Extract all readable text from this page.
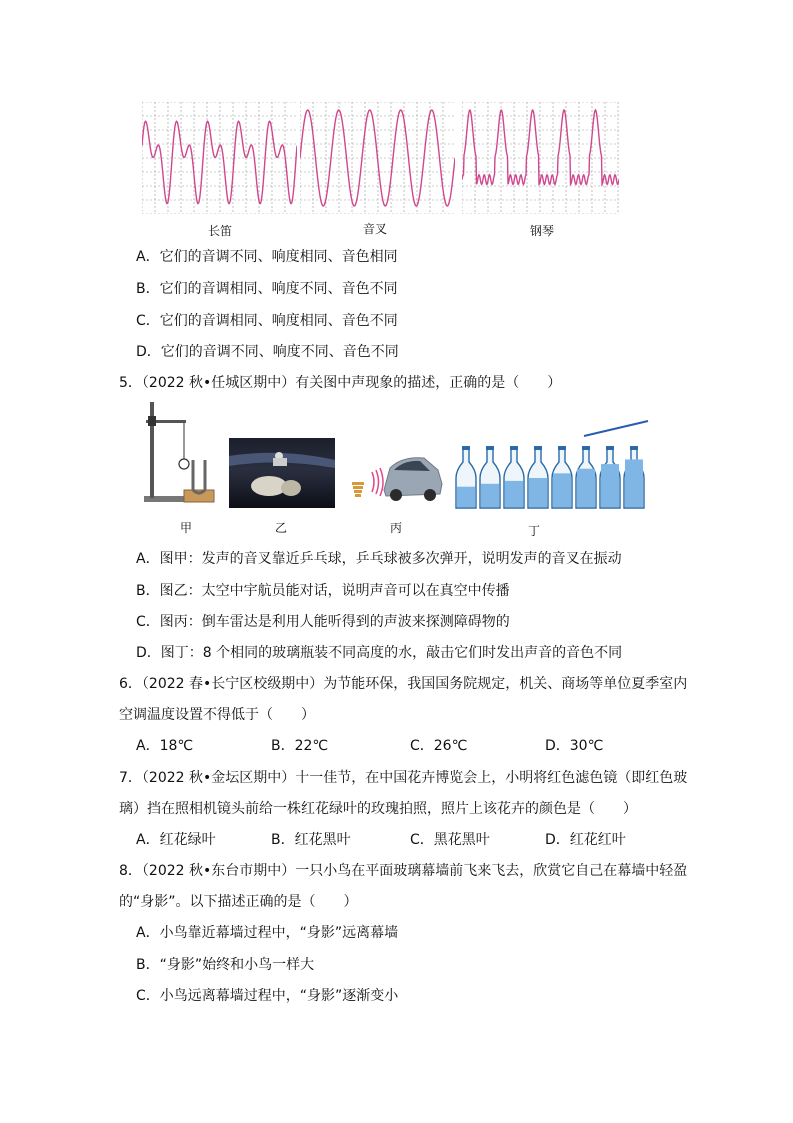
长笛	音叉	钢琴
A．它们的音调不同、响度相同、音色相同
B．它们的音调相同、响度不同、音色不同
C．它们的音调相同、响度相同、音色不同
D．它们的音调不同、响度不同、音色不同
5．（2022 秋•任城区期中）有关图中声现象的描述，正确的是（　　）
甲	乙	丙	丁
A．图甲：发声的音叉靠近乒乓球，乒乓球被多次弹开，说明发声的音叉在振动
B．图乙：太空中宇航员能对话，说明声音可以在真空中传播
C．图丙：倒车雷达是利用人能听得到的声波来探测障碍物的
D．图丁：8 个相同的玻璃瓶装不同高度的水，敲击它们时发出声音的音色不同
6．（2022 春•长宁区校级期中）为节能环保，我国国务院规定，机关、商场等单位夏季室内
空调温度设置不得低于（　　）
A．18℃	B．22℃	C．26℃	D．30℃
7．（2022 秋•金坛区期中）十一佳节，在中国花卉博览会上，小明将红色滤色镜（即红色玻
璃）挡在照相机镜头前给一株红花绿叶的玫瑰拍照，照片上该花卉的颜色是（　　）
A．红花绿叶	B．红花黑叶	C．黑花黑叶	D．红花红叶
8．（2022 秋•东台市期中）一只小鸟在平面玻璃幕墙前飞来飞去，欣赏它自己在幕墙中轻盈
的“身影”。以下描述正确的是（　　）
A．小鸟靠近幕墙过程中，“身影”远离幕墙
B．“身影”始终和小鸟一样大
C．小鸟远离幕墙过程中，“身影”逐渐变小
